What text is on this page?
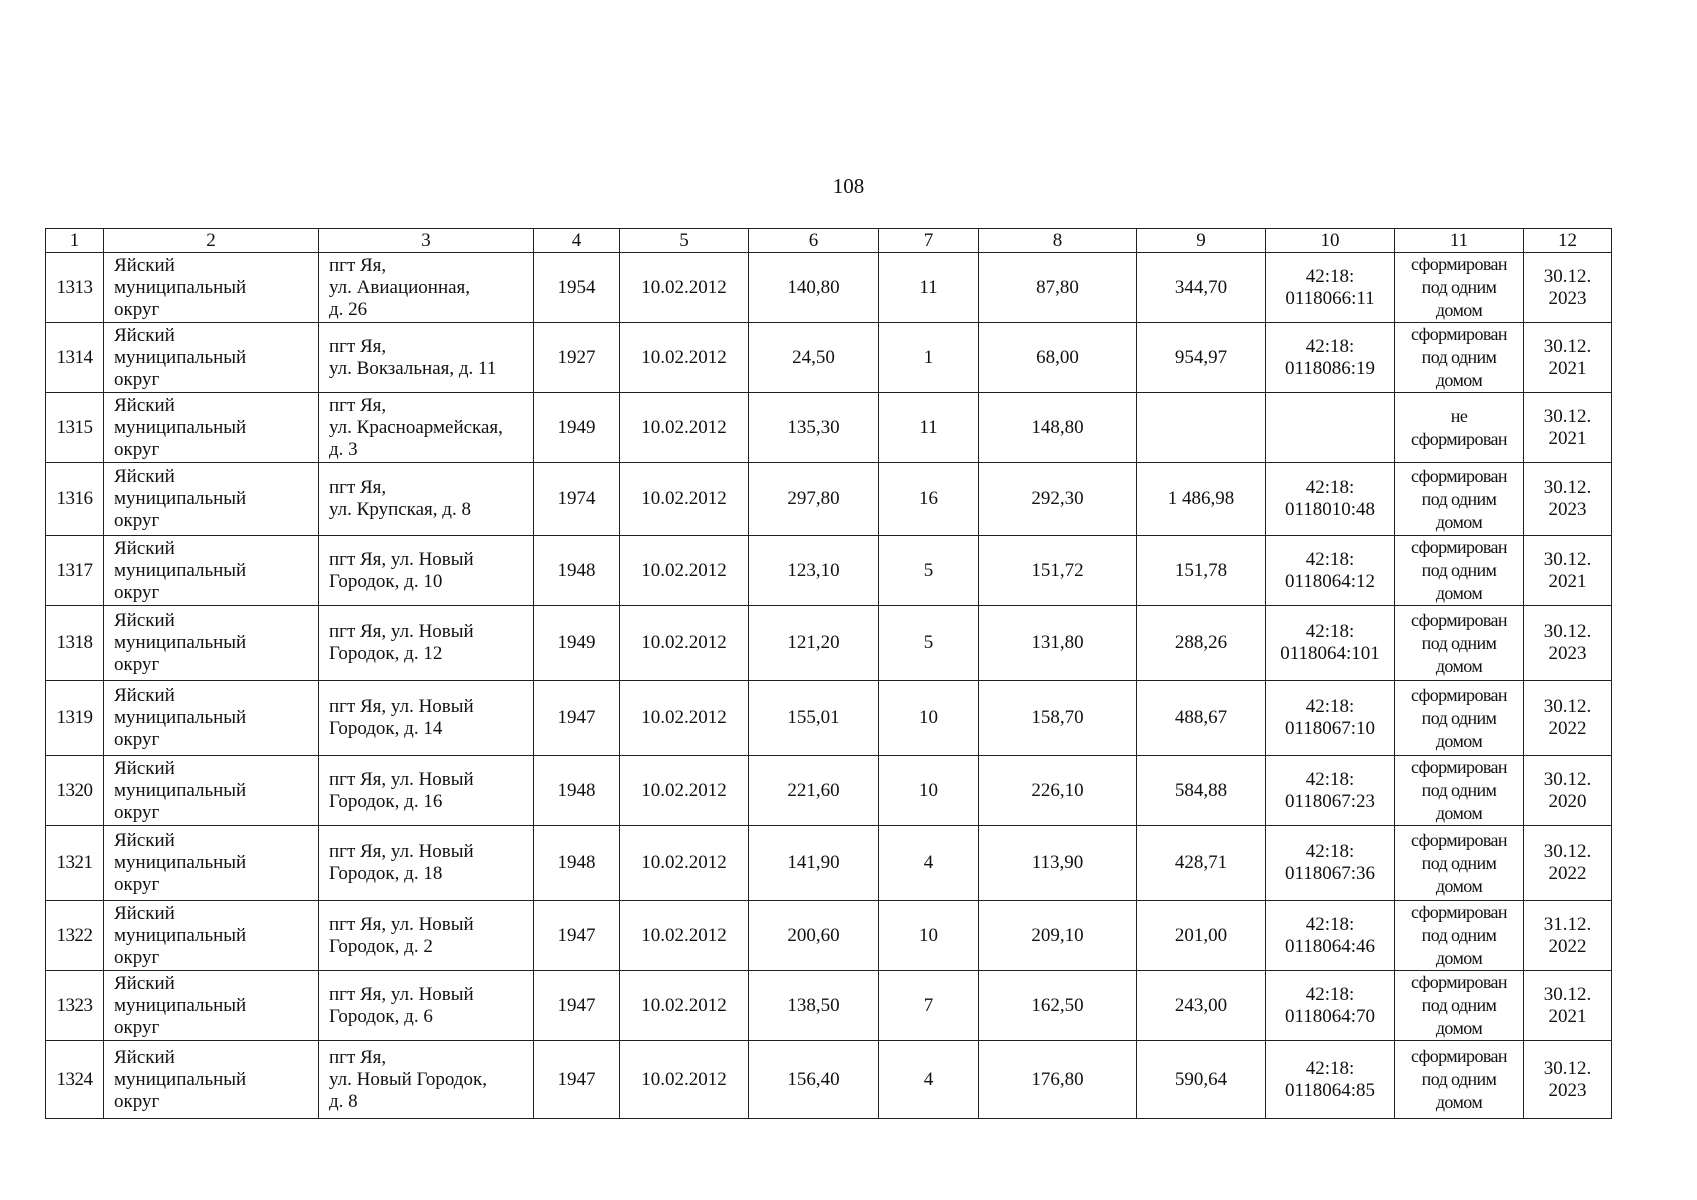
108
1	2	3	4	5	6	7	8	9	10	11	12
1313	Яйский
муниципальный
округ	пгт Яя,
ул. Авиационная,
д. 26	1954	10.02.2012	140,80	11	87,80	344,70	42:18:
0118066:11	сформирован
под одним
домом	30.12.
2023
1314	Яйский
муниципальный
округ	пгт Яя,
ул. Вокзальная, д. 11	1927	10.02.2012	24,50	1	68,00	954,97	42:18:
0118086:19	сформирован
под одним
домом	30.12.
2021
1315	Яйский
муниципальный
округ	пгт Яя,
ул. Красноармейская,
д. 3	1949	10.02.2012	135,30	11	148,80			не
сформирован	30.12.
2021
1316	Яйский
муниципальный
округ	пгт Яя,
ул. Крупская, д. 8	1974	10.02.2012	297,80	16	292,30	1 486,98	42:18:
0118010:48	сформирован
под одним
домом	30.12.
2023
1317	Яйский
муниципальный
округ	пгт Яя, ул. Новый
Городок, д. 10	1948	10.02.2012	123,10	5	151,72	151,78	42:18:
0118064:12	сформирован
под одним
домом	30.12.
2021
1318	Яйский
муниципальный
округ	пгт Яя, ул. Новый
Городок, д. 12	1949	10.02.2012	121,20	5	131,80	288,26	42:18:
0118064:101	сформирован
под одним
домом	30.12.
2023
1319	Яйский
муниципальный
округ	пгт Яя, ул. Новый
Городок, д. 14	1947	10.02.2012	155,01	10	158,70	488,67	42:18:
0118067:10	сформирован
под одним
домом	30.12.
2022
1320	Яйский
муниципальный
округ	пгт Яя, ул. Новый
Городок, д. 16	1948	10.02.2012	221,60	10	226,10	584,88	42:18:
0118067:23	сформирован
под одним
домом	30.12.
2020
1321	Яйский
муниципальный
округ	пгт Яя, ул. Новый
Городок, д. 18	1948	10.02.2012	141,90	4	113,90	428,71	42:18:
0118067:36	сформирован
под одним
домом	30.12.
2022
1322	Яйский
муниципальный
округ	пгт Яя, ул. Новый
Городок, д. 2	1947	10.02.2012	200,60	10	209,10	201,00	42:18:
0118064:46	сформирован
под одним
домом	31.12.
2022
1323	Яйский
муниципальный
округ	пгт Яя, ул. Новый
Городок, д. 6	1947	10.02.2012	138,50	7	162,50	243,00	42:18:
0118064:70	сформирован
под одним
домом	30.12.
2021
1324	Яйский
муниципальный
округ	пгт Яя,
ул. Новый Городок,
д. 8	1947	10.02.2012	156,40	4	176,80	590,64	42:18:
0118064:85	сформирован
под одним
домом	30.12.
2023
